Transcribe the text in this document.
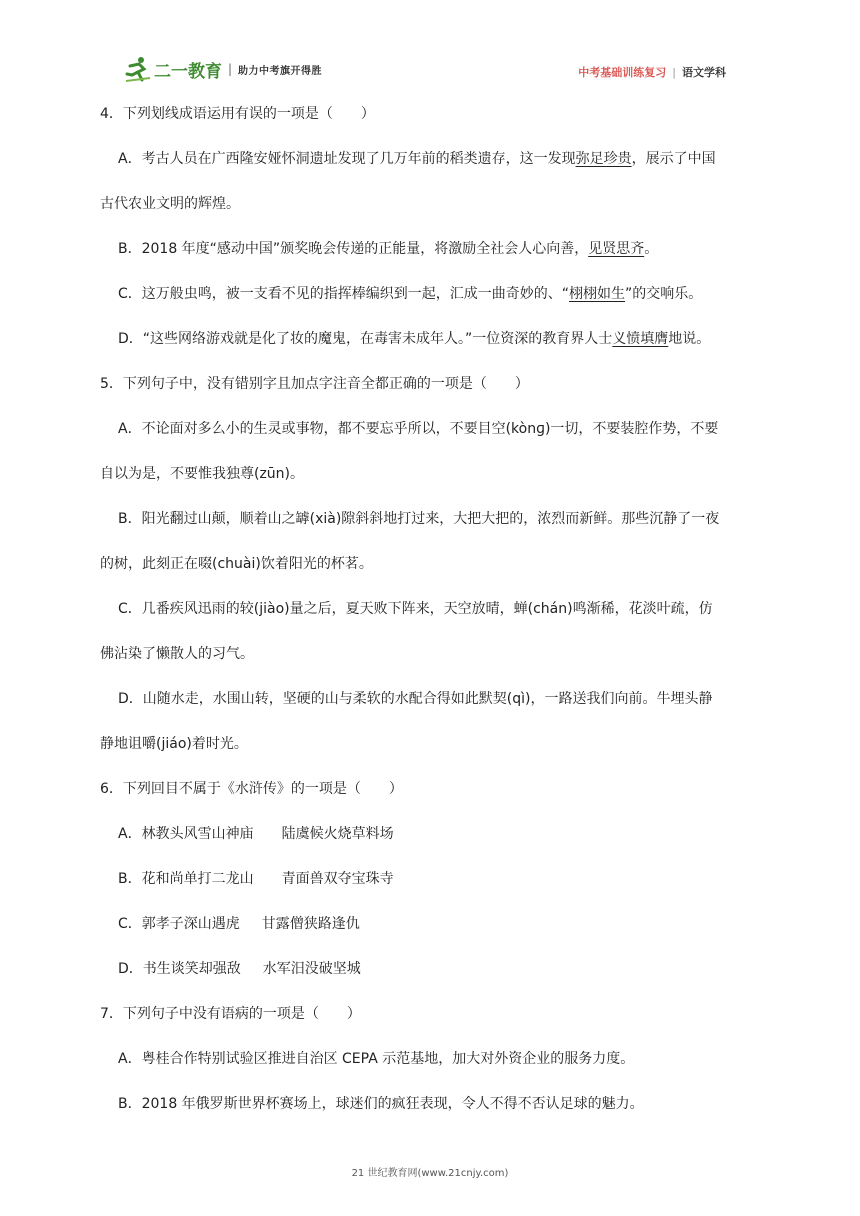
二一教育 | 助力中考旗开得胜	中考基础训练复习 | 语文学科
4．下列划线成语运用有误的一项是（　　）
A．考古人员在广西隆安娅怀洞遗址发现了几万年前的稻类遗存，这一发现弥足珍贵，展示了中国
古代农业文明的辉煌。
B．2018 年度“感动中国”颁奖晚会传递的正能量，将激励全社会人心向善，见贤思齐。
C．这万般虫鸣，被一支看不见的指挥棒编织到一起，汇成一曲奇妙的、“栩栩如生”的交响乐。
D．“这些网络游戏就是化了妆的魔鬼，在毒害未成年人。”一位资深的教育界人士义愤填膺地说。
5．下列句子中，没有错别字且加点字注音全都正确的一项是（　　）
A．不论面对多么小的生灵或事物，都不要忘乎所以，不要目空(kònɡ)一切，不要装腔作势，不要
自以为是，不要惟我独尊(zūn)。
B．阳光翻过山颠，顺着山之罅(xià)隙斜斜地打过来，大把大把的，浓烈而新鲜。那些沉静了一夜
的树，此刻正在啜(chuài)饮着阳光的杯茗。
C．几番疾风迅雨的较(jiào)量之后，夏天败下阵来，天空放晴，蝉(chán)鸣渐稀，花淡叶疏，仿
佛沾染了懒散人的习气。
D．山随水走，水围山转，坚硬的山与柔软的水配合得如此默契(qì)，一路送我们向前。牛埋头静
静地诅嚼(jiáo)着时光。
6．下列回目不属于《水浒传》的一项是（　　）
A．林教头风雪山神庙 陆虞候火烧草料场
B．花和尚单打二龙山 青面兽双夺宝珠寺
C．郭孝子深山遇虎 甘露僧狭路逢仇
D．书生谈笑却强敌 水军汨没破坚城
7．下列句子中没有语病的一项是（　　）
A．粤桂合作特别试验区推进自治区 CEPA 示范基地，加大对外资企业的服务力度。
B．2018 年俄罗斯世界杯赛场上，球迷们的疯狂表现，令人不得不否认足球的魅力。
21 世纪教育网(www.21cnjy.com)
